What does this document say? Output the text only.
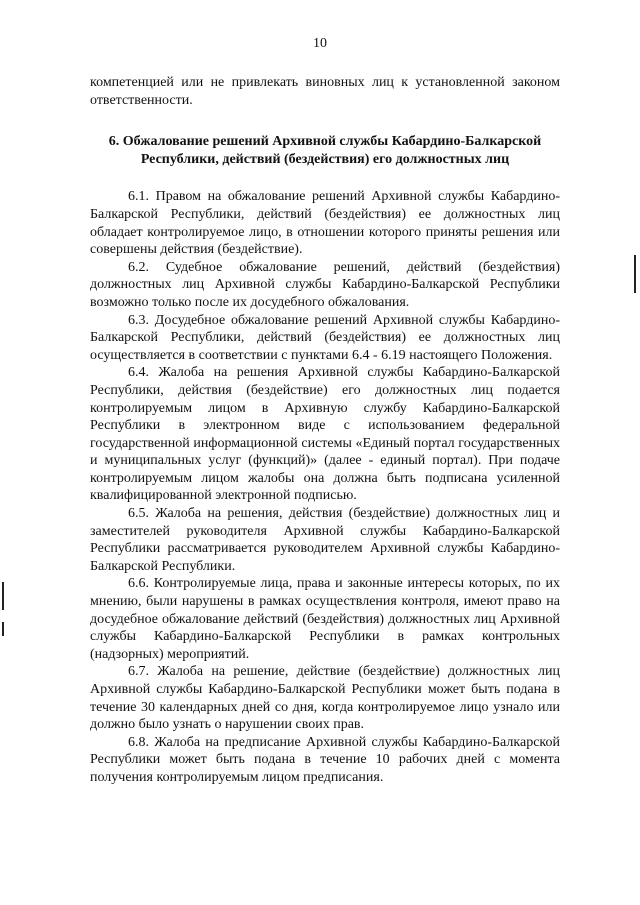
10

компетенцией или не привлекать виновных лиц к установленной законом ответственности.

6. Обжалование решений Архивной службы Кабардино-Балкарской
Республики, действий (бездействия) его должностных лиц

6.1. Правом на обжалование решений Архивной службы Кабардино-Балкарской Республики, действий (бездействия) ее должностных лиц обладает контролируемое лицо, в отношении которого приняты решения или совершены действия (бездействие).

6.2. Судебное обжалование решений, действий (бездействия) должностных лиц Архивной службы Кабардино-Балкарской Республики возможно только после их досудебного обжалования.

6.3. Досудебное обжалование решений Архивной службы Кабардино-Балкарской Республики, действий (бездействия) ее должностных лиц осуществляется в соответствии с пунктами 6.4 - 6.19 настоящего Положения.

6.4. Жалоба на решения Архивной службы Кабардино-Балкарской Республики, действия (бездействие) его должностных лиц подается контролируемым лицом в Архивную службу Кабардино-Балкарской Республики в электронном виде с использованием федеральной государственной информационной системы «Единый портал государственных и муниципальных услуг (функций)» (далее - единый портал). При подаче контролируемым лицом жалобы она должна быть подписана усиленной квалифицированной электронной подписью.

6.5. Жалоба на решения, действия (бездействие) должностных лиц и заместителей руководителя Архивной службы Кабардино-Балкарской Республики рассматривается руководителем Архивной службы Кабардино-Балкарской Республики.

6.6. Контролируемые лица, права и законные интересы которых, по их мнению, были нарушены в рамках осуществления контроля, имеют право на досудебное обжалование действий (бездействия) должностных лиц Архивной службы Кабардино-Балкарской Республики в рамках контрольных (надзорных) мероприятий.

6.7. Жалоба на решение, действие (бездействие) должностных лиц Архивной службы Кабардино-Балкарской Республики может быть подана в течение 30 календарных дней со дня, когда контролируемое лицо узнало или должно было узнать о нарушении своих прав.

6.8. Жалоба на предписание Архивной службы Кабардино-Балкарской Республики может быть подана в течение 10 рабочих дней с момента получения контролируемым лицом предписания.
